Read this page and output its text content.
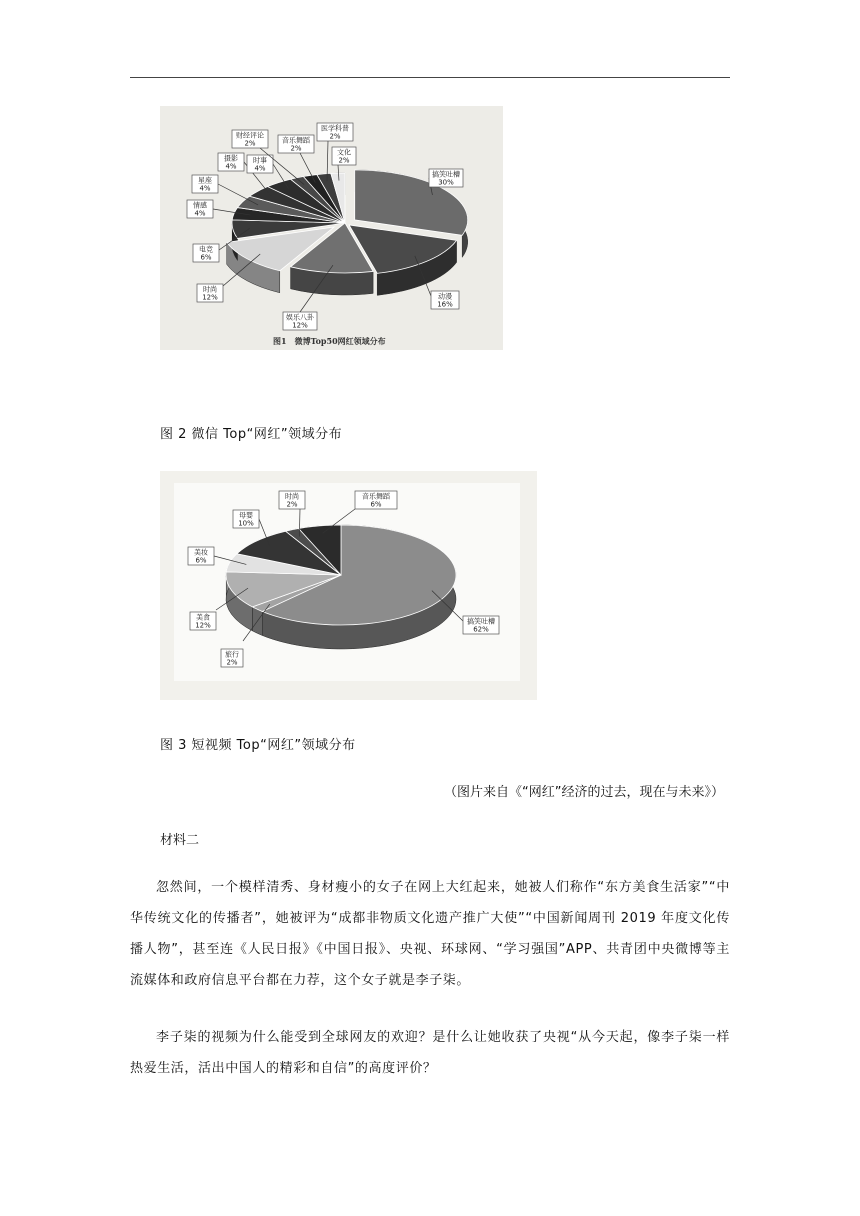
搞笑吐槽
30%
动漫
16%
娱乐八卦
12%
时尚
12%
电竞
6%
情感
4%
星座
4%
摄影
4%
时事
4%
财经评论
2%	音乐舞蹈
2%
医学科普
2%
文化
2%
图1　微博Top50网红领域分布
图 2 微信 Top“网红”领域分布
搞笑吐槽
62%
旅行
2%
美食
12%
美妆
6%
母婴
10%
时尚
2%
音乐舞蹈
6%
图 3 短视频 Top“网红”领域分布
（图片来自《“网红”经济的过去，现在与未来》）
材料二
忽然间，一个模样清秀、身材瘦小的女子在网上大红起来，她被人们称作“东方美食生活家”“中华传统文化的传播者”，她被评为“成都非物质文化遗产推广大使”“中国新闻周刊 2019 年度文化传播人物”，甚至连《人民日报》《中国日报》、央视、环球网、“学习强国”APP、共青团中央微博等主流媒体和政府信息平台都在力荐，这个女子就是李子柒。
李子柒的视频为什么能受到全球网友的欢迎？是什么让她收获了央视“从今天起，像李子柒一样热爱生活，活出中国人的精彩和自信”的高度评价？
